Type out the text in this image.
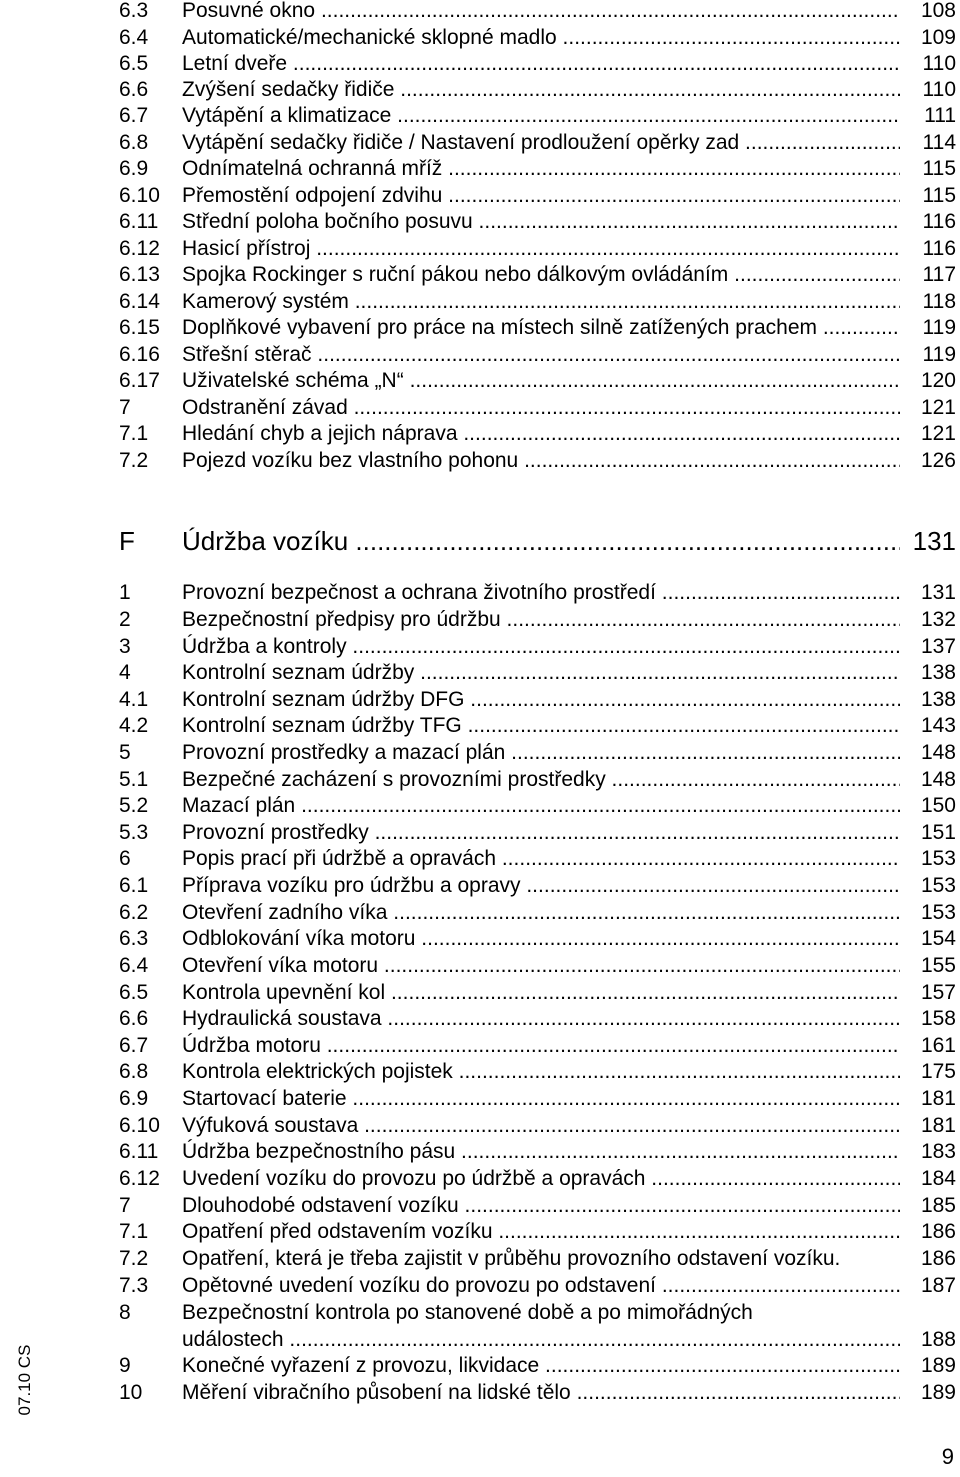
6.3 Posuvné okno .....	108
6.4 Automatické/mechanické sklopné madlo .....	109
6.5 Letní dveře .....	110
6.6 Zvýšení sedačky řidiče .....	110
6.7 Vytápění a klimatizace .....	111
6.8 Vytápění sedačky řidiče / Nastavení prodloužení opěrky zad .....	114
6.9 Odnímatelná ochranná mříž .....	115
6.10 Přemostění odpojení zdvihu .....	115
6.11 Střední poloha bočního posuvu .....	116
6.12 Hasicí přístroj .....	116
6.13 Spojka Rockinger s ruční pákou nebo dálkovým ovládáním .....	117
6.14 Kamerový systém .....	118
6.15 Doplňkové vybavení pro práce na místech silně zatížených prachem .....	119
6.16 Střešní stěrač .....	119
6.17 Uživatelské schéma „N“ .....	120
7 Odstranění závad .....	121
7.1 Hledání chyb a jejich náprava .....	121
7.2 Pojezd vozíku bez vlastního pohonu .....	126
F Údržba vozíku .....	131
1 Provozní bezpečnost a ochrana životního prostředí .....	131
2 Bezpečnostní předpisy pro údržbu .....	132
3 Údržba a kontroly .....	137
4 Kontrolní seznam údržby .....	138
4.1 Kontrolní seznam údržby DFG .....	138
4.2 Kontrolní seznam údržby TFG .....	143
5 Provozní prostředky a mazací plán .....	148
5.1 Bezpečné zacházení s provozními prostředky .....	148
5.2 Mazací plán .....	150
5.3 Provozní prostředky .....	151
6 Popis prací při údržbě a opravách .....	153
6.1 Příprava vozíku pro údržbu a opravy .....	153
6.2 Otevření zadního víka .....	153
6.3 Odblokování víka motoru .....	154
6.4 Otevření víka motoru .....	155
6.5 Kontrola upevnění kol .....	157
6.6 Hydraulická soustava .....	158
6.7 Údržba motoru .....	161
6.8 Kontrola elektrických pojistek .....	175
6.9 Startovací baterie .....	181
6.10 Výfuková soustava .....	181
6.11 Údržba bezpečnostního pásu .....	183
6.12 Uvedení vozíku do provozu po údržbě a opravách .....	184
7 Dlouhodobé odstavení vozíku .....	185
7.1 Opatření před odstavením vozíku .....	186
7.2 Opatření, která je třeba zajistit v průběhu provozního odstavení vozíku.	186
7.3 Opětovné uvedení vozíku do provozu po odstavení .....	187
8 Bezpečnostní kontrola po stanovené době a po mimořádných
událostech .....	188
9 Konečné vyřazení z provozu, likvidace .....	189
10 Měření vibračního působení na lidské tělo .....	189
07.10 CS
9
